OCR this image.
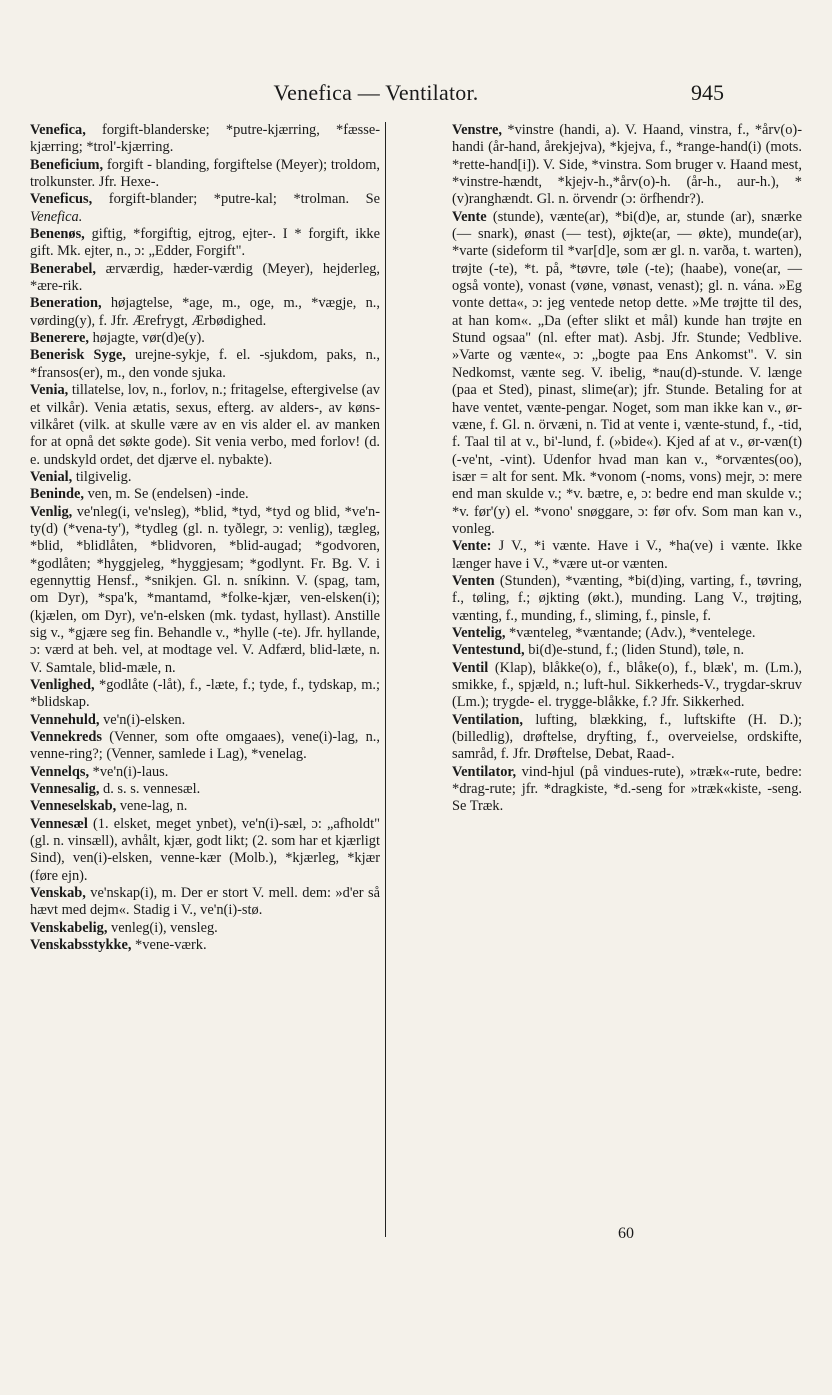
Venefica — Ventilator.	945

Venefica, forgift-blanderske; *putre-kjærring, *fæsse-kjærring; *trol'-kjærring.

Beneficium, forgift - blanding, forgiftelse (Meyer); troldom, trolkunster. Jfr. Hexe-.

Veneficus, forgift-blander; *putre-kal; *trolman. Se Venefica.

Benenøs, giftig, *forgiftig, ejtrog, ejter-. I * forgift, ikke gift. Mk. ejter, n., ɔ: „Edder, Forgift".

Benerabel, ærværdig, hæder-værdig (Meyer), hejderleg, *ære-rik.

Beneration, højagtelse, *age, m., oge, m., *vægje, n., vørding(y), f. Jfr. Ærefrygt, Ærbødighed.

Benerere, højagte, vør(d)e(y).

Benerisk Syge, urejne-sykje, f. el. -sjukdom, paks, n., *fransos(er), m., den vonde sjuka.

Venia, tillatelse, lov, n., forlov, n.; fritagelse, eftergivelse (av et vilkår). Venia ætatis, sexus, efterg. av alders-, av køns-vilkåret (vilk. at skulle være av en vis alder el. av manken for at opnå det søkte gode). Sit venia verbo, med forlov! (d. e. undskyld ordet, det djærve el. nybakte).

Venial, tilgivelig.

Beninde, ven, m. Se (endelsen) -inde.

Venlig, ve'nleg(i, ve'nsleg), *blid, *tyd, *tyd og blid, *ve'n-ty(d) (*vena-ty'), *tydleg (gl. n. tyðlegr, ɔ: venlig), tægleg, *blid, *blidlåten, *blidvoren, *blid-augad; *godvoren, *godlåten; *hyggjeleg, *hyggjesam; *godlynt. Fr. Bg. V. i egennyttig Hensf., *snikjen. Gl. n. sníkinn. V. (spag, tam, om Dyr), *spa'k, *mantamd, *folke-kjær, ven-elsken(i); (kjælen, om Dyr), ve'n-elsken (mk. tydast, hyllast). Anstille sig v., *gjære seg fin. Behandle v., *hylle (-te). Jfr. hyllande, ɔ: værd at beh. vel, at modtage vel. V. Adfærd, blid-læte, n. V. Samtale, blid-mæle, n.

Venlighed, *godlåte (-låt), f., -læte, f.; tyde, f., tydskap, m.; *blidskap.

Vennehuld, ve'n(i)-elsken.

Vennekreds (Venner, som ofte omgaaes), vene(i)-lag, n., venne-ring?; (Venner, samlede i Lag), *venelag.

Vennelqs, *ve'n(i)-laus.

Vennesalig, d. s. s. vennesæl.

Venneselskab, vene-lag, n.

Vennesæl (1. elsket, meget ynbet), ve'n(i)-sæl, ɔ: „afholdt" (gl. n. vinsæll), avhålt, kjær, godt likt; (2. som har et kjærligt Sind), ven(i)-elsken, venne-kær (Molb.), *kjærleg, *kjær (føre ejn).

Venskab, ve'nskap(i), m. Der er stort V. mell. dem: »d'er så hævt med dejm«. Stadig i V., ve'n(i)-stø.

Venskabelig, venleg(i), vensleg.

Venskabsstykke, *vene-værk.

Venstre, *vinstre (handi, a). V. Haand, vinstra, f., *årv(o)-handi (år-hand, årekjejva), *kjejva, f., *range-hand(i) (mots. *rette-hand[i]). V. Side, *vinstra. Som bruger v. Haand mest, *vinstre-hændt, *kjejv-h.,*årv(o)-h. (år-h., aur-h.), *(v)ranghændt. Gl. n. örvendr (ɔ: örfhendr?).

Vente (stunde), vænte(ar), *bi(d)e, ar, stunde (ar), snærke (— snark), ønast (— test), øjkte(ar, — økte), munde(ar), *varte (sideform til *var[d]e, som ær gl. n. varða, t. warten), trøjte (-te), *t. på, *tøvre, tøle (-te); (haabe), vone(ar, — også vonte), vonast (vøne, vønast, venast); gl. n. vána. »Eg vonte detta«, ɔ: jeg ventede netop dette. »Me trøjtte til des, at han kom«. „Da (efter slikt et mål) kunde han trøjte en Stund ogsaa" (nl. efter mat). Asbj. Jfr. Stunde; Vedblive. »Varte og vænte«, ɔ: „bogte paa Ens Ankomst". V. sin Nedkomst, vænte seg. V. ibelig, *nau(d)-stunde. V. længe (paa et Sted), pinast, slime(ar); jfr. Stunde. Betaling for at have ventet, vænte-pengar. Noget, som man ikke kan v., ør-væne, f. Gl. n. örvæni, n. Tid at vente i, vænte-stund, f., -tid, f. Taal til at v., bi'-lund, f. (»bide«). Kjed af at v., ør-væn(t) (-ve'nt, -vint). Udenfor hvad man kan v., *orvæntes(oo), især = alt for sent. Mk. *vonom (-noms, vons) mejr, ɔ: mere end man skulde v.; *v. bætre, e, ɔ: bedre end man skulde v.; *v. før'(y) el. *vono' snøggare, ɔ: før ofv. Som man kan v., vonleg.

Vente: J V., *i vænte. Have i V., *ha(ve) i vænte. Ikke længer have i V., *være ut-or vænten.

Venten (Stunden), *vænting, *bi(d)ing, varting, f., tøvring, f., tøling, f.; øjkting (økt.), munding. Lang V., trøjting, vænting, f., munding, f., sliming, f., pinsle, f.

Ventelig, *vænteleg, *væntande; (Adv.), *ventelege.

Ventestund, bi(d)e-stund, f.; (liden Stund), tøle, n.

Ventil (Klap), blåkke(o), f., blåke(o), f., blæk', m. (Lm.), smikke, f., spjæld, n.; luft-hul. Sikkerheds-V., trygdar-skruv (Lm.); trygde- el. trygge-blåkke, f.? Jfr. Sikkerhed.

Ventilation, lufting, blækking, f., luftskifte (H. D.); (billedlig), drøftelse, dryfting, f., overveielse, ordskifte, samråd, f. Jfr. Drøftelse, Debat, Raad-.

Ventilator, vind-hjul (på vindues-rute), »træk«-rute, bedre: *drag-rute; jfr. *dragkiste, *d.-seng for »træk«kiste, -seng. Se Træk.

60
